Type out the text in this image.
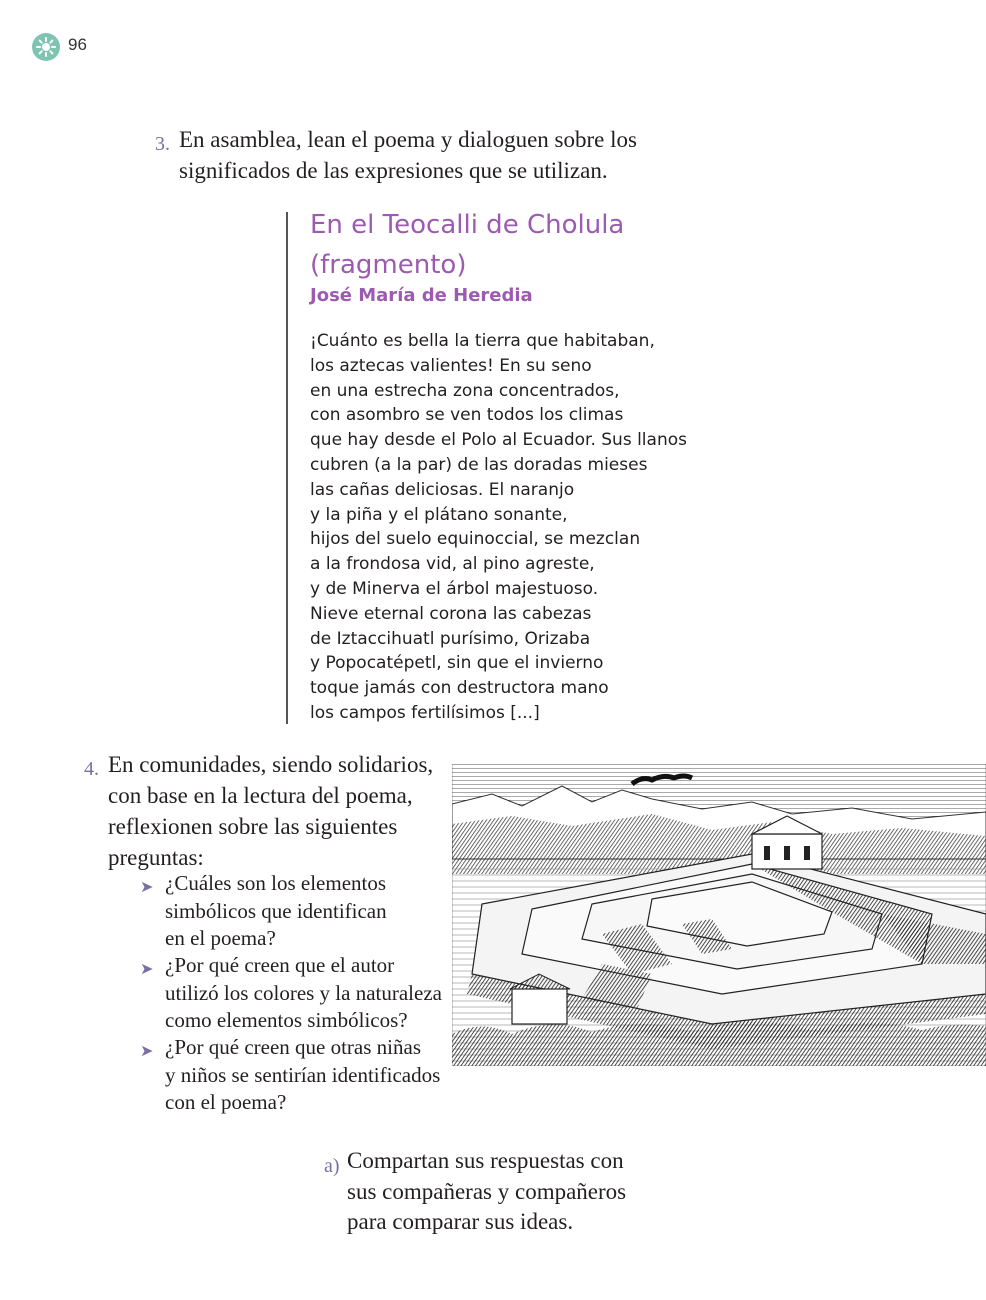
96
3. En asamblea, lean el poema y dialoguen sobre los
significados de las expresiones que se utilizan.
En el Teocalli de Cholula
(fragmento)
José María de Heredia
¡Cuánto es bella la tierra que habitaban,
los aztecas valientes! En su seno
en una estrecha zona concentrados,
con asombro se ven todos los climas
que hay desde el Polo al Ecuador. Sus llanos
cubren (a la par) de las doradas mieses
las cañas deliciosas. El naranjo
y la piña y el plátano sonante,
hijos del suelo equinoccial, se mezclan
a la frondosa vid, al pino agreste,
y de Minerva el árbol majestuoso.
Nieve eternal corona las cabezas
de Iztaccihuatl purísimo, Orizaba
y Popocatépetl, sin que el invierno
toque jamás con destructora mano
los campos fertilísimos [...]
4. En comunidades, siendo solidarios,
con base en la lectura del poema,
reflexionen sobre las siguientes
preguntas:
➤ ¿Cuáles son los elementos
simbólicos que identifican
en el poema?
➤ ¿Por qué creen que el autor
utilizó los colores y la naturaleza
como elementos simbólicos?
➤ ¿Por qué creen que otras niñas
y niños se sentirían identificados
con el poema?
a) Compartan sus respuestas con
sus compañeras y compañeros
para comparar sus ideas.
